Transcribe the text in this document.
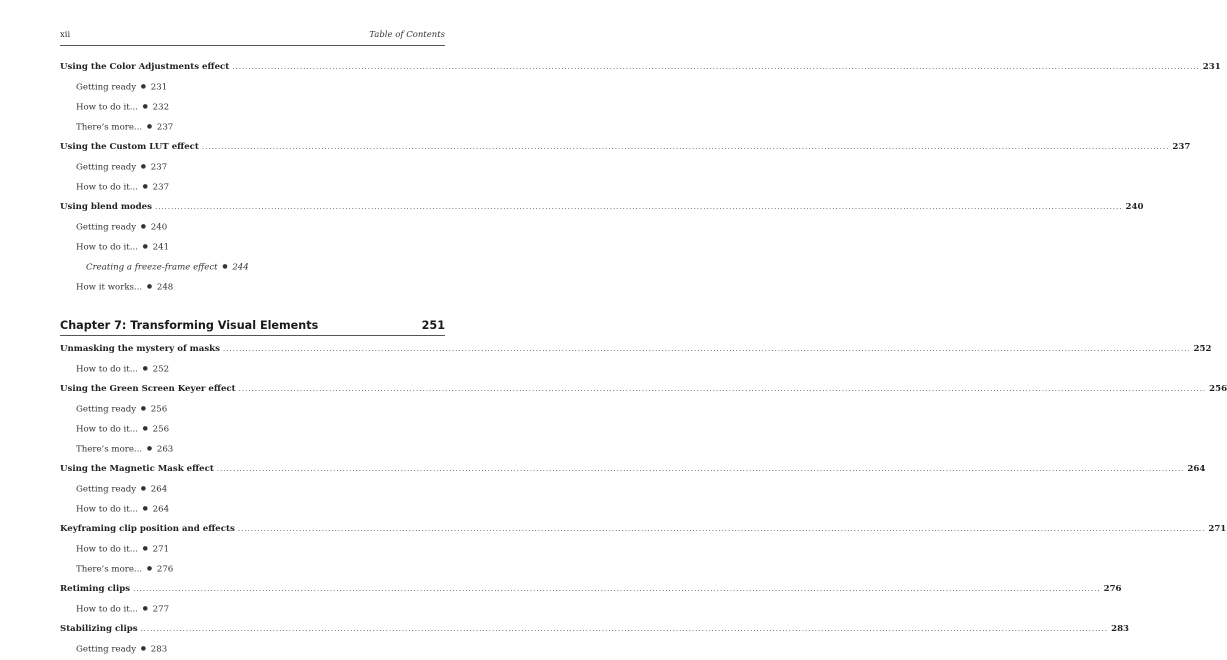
xii	Table of Contents
Using the Color Adjustments effect ............................................................................................................................................................................................................................................................................................................ 231
Getting ready ● 231
How to do it... ● 232
There’s more... ● 237
Using the Custom LUT effect ............................................................................................................................................................................................................................................................................................................ 237
Getting ready ● 237
How to do it... ● 237
Using blend modes ............................................................................................................................................................................................................................................................................................................ 240
Getting ready ● 240
How to do it... ● 241
Creating a freeze-frame effect ● 244
How it works... ● 248
Chapter 7: Transforming Visual Elements	251
Unmasking the mystery of masks ............................................................................................................................................................................................................................................................................................................ 252
How to do it... ● 252
Using the Green Screen Keyer effect ............................................................................................................................................................................................................................................................................................................ 256
Getting ready ● 256
How to do it... ● 256
There’s more... ● 263
Using the Magnetic Mask effect ............................................................................................................................................................................................................................................................................................................ 264
Getting ready ● 264
How to do it... ● 264
Keyframing clip position and effects ............................................................................................................................................................................................................................................................................................................ 271
How to do it... ● 271
There’s more... ● 276
Retiming clips ............................................................................................................................................................................................................................................................................................................ 276
How to do it... ● 277
Stabilizing clips ............................................................................................................................................................................................................................................................................................................ 283
Getting ready ● 283
